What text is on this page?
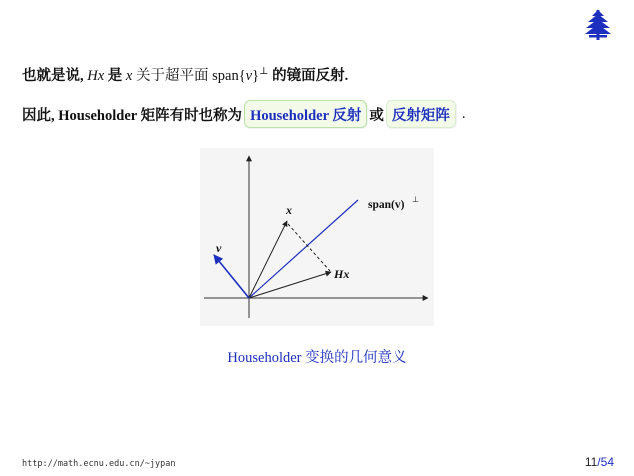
也就是说, Hx 是 x 关于超平面 span{v}⊥ 的镜面反射.
因此, Householder 矩阵有时也称为 Householder 反射 或 反射矩阵 .
x
v
Hx
span(v) ⊥
Householder 变换的几何意义
http://math.ecnu.edu.cn/~jypan	11/54
